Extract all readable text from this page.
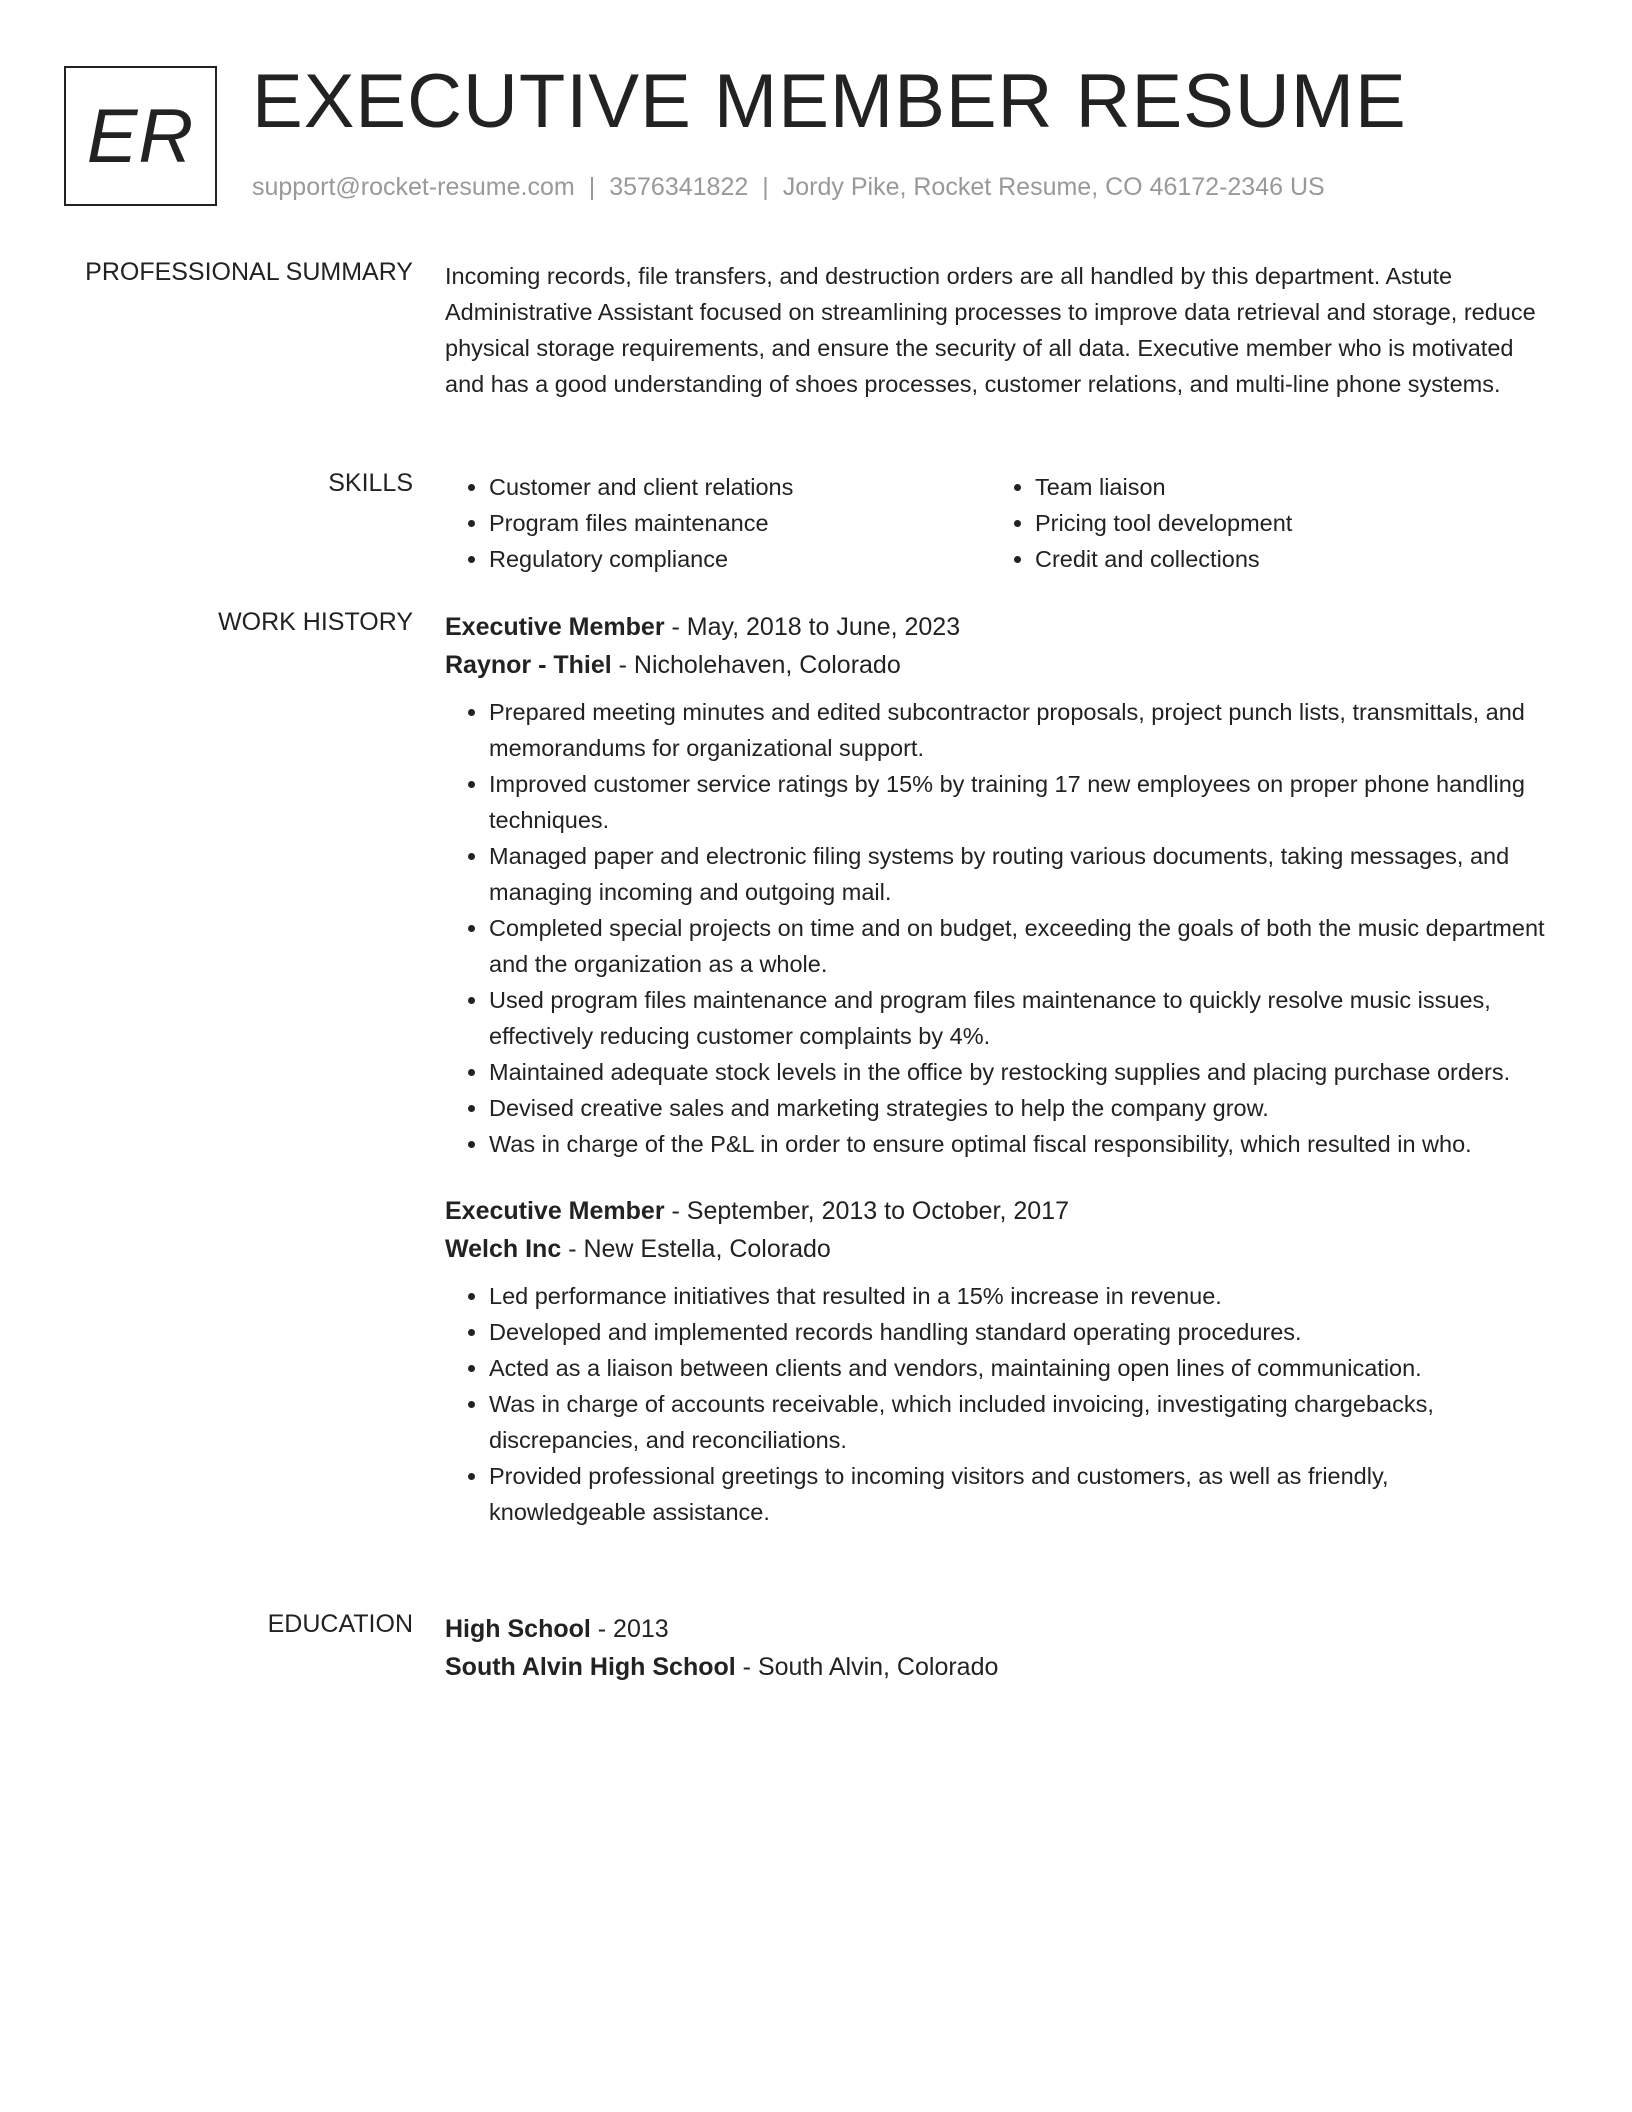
ER EXECUTIVE MEMBER RESUME
support@rocket-resume.com | 3576341822 | Jordy Pike, Rocket Resume, CO 46172-2346 US
PROFESSIONAL SUMMARY Incoming records, file transfers, and destruction orders are all handled by this department. Astute Administrative Assistant focused on streamlining processes to improve data retrieval and storage, reduce physical storage requirements, and ensure the security of all data. Executive member who is motivated and has a good understanding of shoes processes, customer relations, and multi-line phone systems.

SKILLS
•	Customer and client relations
• Program files maintenance
• Regulatory compliance
• Team liaison
• Pricing tool development
• Credit and collections
WORK HISTORY Executive Member - May, 2018 to June, 2023
Raynor - Thiel - Nicholehaven, Colorado
• Prepared meeting minutes and edited subcontractor proposals, project punch lists, transmittals, and memorandums for organizational support.
• Improved customer service ratings by 15% by training 17 new employees on proper phone handling techniques.
• Managed paper and electronic filing systems by routing various documents, taking messages, and managing incoming and outgoing mail.
• Completed special projects on time and on budget, exceeding the goals of both the music department and the organization as a whole.
• Used program files maintenance and program files maintenance to quickly resolve music issues, effectively reducing customer complaints by 4%.
• Maintained adequate stock levels in the office by restocking supplies and placing purchase orders.
• Devised creative sales and marketing strategies to help the company grow.
• Was in charge of the P&L in order to ensure optimal fiscal responsibility, which resulted in who.
Executive Member - September, 2013 to October, 2017
Welch Inc - New Estella, Colorado
• Led performance initiatives that resulted in a 15% increase in revenue.
• Developed and implemented records handling standard operating procedures.
• Acted as a liaison between clients and vendors, maintaining open lines of communication.
• Was in charge of accounts receivable, which included invoicing, investigating chargebacks, discrepancies, and reconciliations.
• Provided professional greetings to incoming visitors and customers, as well as friendly, knowledgeable assistance.
EDUCATION High School - 2013
South Alvin High School - South Alvin, Colorado
